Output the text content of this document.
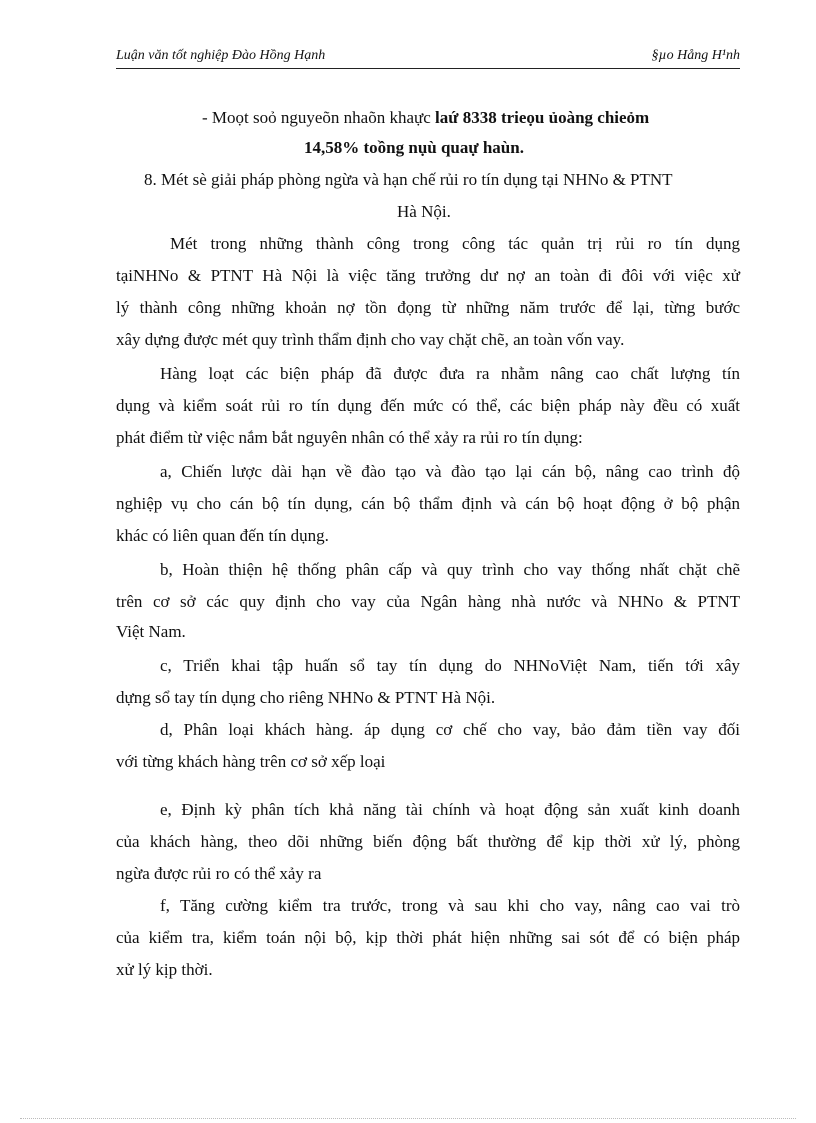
Luận văn tốt nghiệp Đào Hồng Hạnh	§µo Hång H¹nh
- Moọt soỏ nguyeõn nhaõn khaực laứ 8338 trieọu ủoàng chieỏm
14,58% toồng nụù quaự haùn.
8. Mét sè giải pháp phòng ngừa và hạn chế rủi ro tín dụng tại NHNo & PTNT
Hà Nội.
Mét trong những thành công trong công tác quản trị rủi ro tín dụng
tạiNHNo & PTNT Hà Nội là việc tăng trưởng dư nợ an toàn đi đôi với việc xử
lý thành công những khoản nợ tồn đọng từ những năm trước để lại, từng bước
xây dựng được mét quy trình thẩm định cho vay chặt chẽ, an toàn vốn vay.
Hàng loạt các biện pháp đã được đưa ra nhằm nâng cao chất lượng tín
dụng và kiểm soát rủi ro tín dụng đến mức có thể, các biện pháp này đều có xuất
phát điểm từ việc nắm bắt nguyên nhân có thể xảy ra rủi ro tín dụng:
a, Chiến lược dài hạn về đào tạo và đào tạo lại cán bộ, nâng cao trình độ
nghiệp vụ cho cán bộ tín dụng, cán bộ thẩm định và cán bộ hoạt động ở bộ phận
khác có liên quan đến tín dụng.
b, Hoàn thiện hệ thống phân cấp và quy trình cho vay thống nhất chặt chẽ
trên cơ sở các quy định cho vay của Ngân hàng nhà nước và NHNo & PTNT
Việt Nam.
c, Triển khai tập huấn sổ tay tín dụng do NHNoViệt Nam, tiến tới xây
dựng sổ tay tín dụng cho riêng NHNo & PTNT Hà Nội.
d, Phân loại khách hàng. áp dụng cơ chế cho vay, bảo đảm tiền vay đối
với từng khách hàng trên cơ sở xếp loại
e, Định kỳ phân tích khả năng tài chính và hoạt động sản xuất kinh doanh
của khách hàng, theo dõi những biến động bất thường để kịp thời xử lý, phòng
ngừa được rủi ro có thể xảy ra
f, Tăng cường kiểm tra trước, trong và sau khi cho vay, nâng cao vai trò
của kiểm tra, kiểm toán nội bộ, kịp thời phát hiện những sai sót để có biện pháp
xử lý kịp thời.
